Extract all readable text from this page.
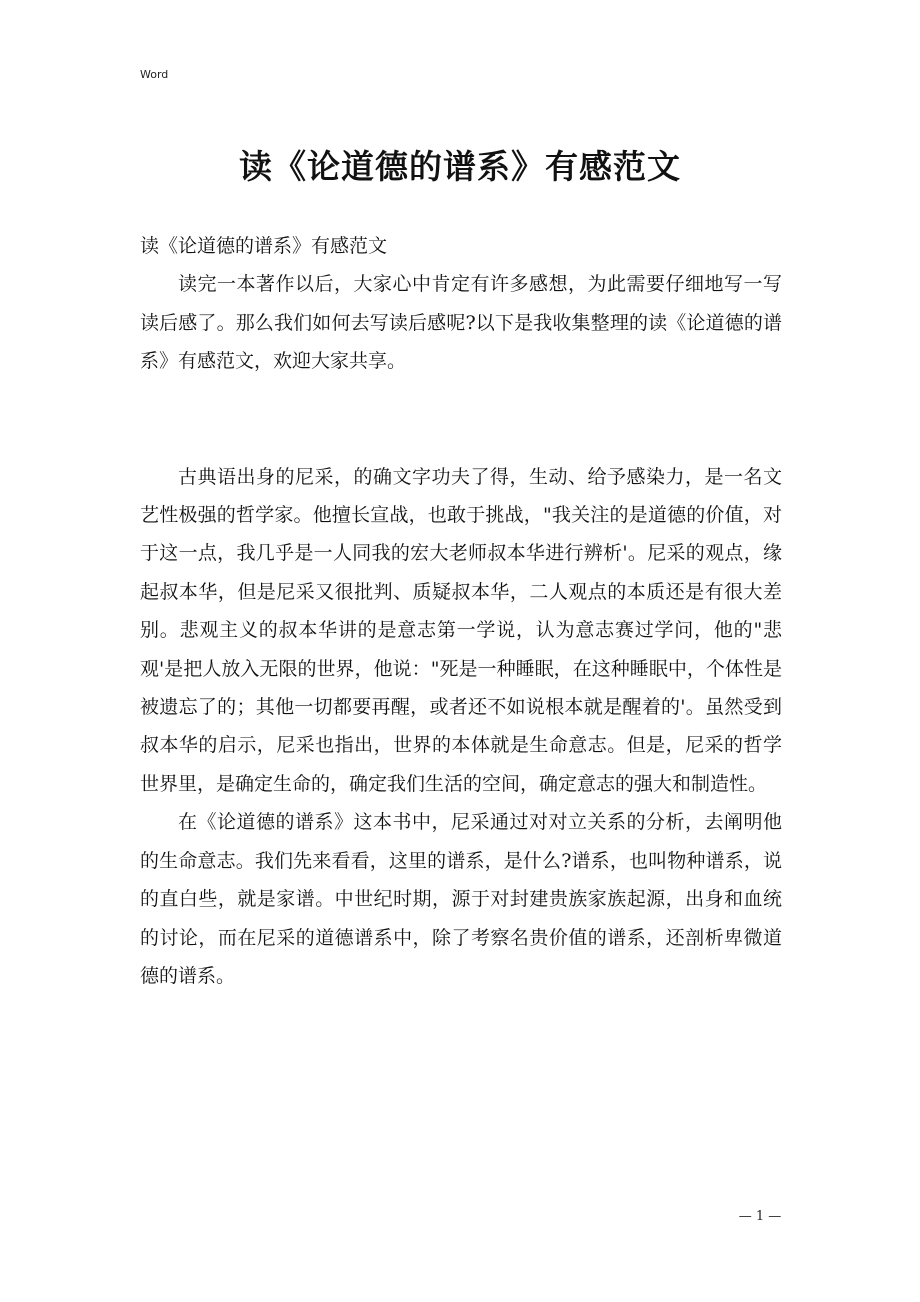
Word
读《论道德的谱系》有感范文

读《论道德的谱系》有感范文

读完一本著作以后，大家心中肯定有许多感想，为此需要仔细地写一写读后感了。那么我们如何去写读后感呢?以下是我收集整理的读《论道德的谱系》有感范文，欢迎大家共享。

古典语出身的尼采，的确文字功夫了得，生动、给予感染力，是一名文艺性极强的哲学家。他擅长宣战，也敢于挑战，"我关注的是道德的价值，对于这一点，我几乎是一人同我的宏大老师叔本华进行辨析'。尼采的观点，缘起叔本华，但是尼采又很批判、质疑叔本华，二人观点的本质还是有很大差别。悲观主义的叔本华讲的是意志第一学说，认为意志赛过学问，他的"悲观'是把人放入无限的世界，他说："死是一种睡眠，在这种睡眠中，个体性是被遗忘了的；其他一切都要再醒，或者还不如说根本就是醒着的'。虽然受到叔本华的启示，尼采也指出，世界的本体就是生命意志。但是，尼采的哲学世界里，是确定生命的，确定我们生活的空间，确定意志的强大和制造性。

在《论道德的谱系》这本书中，尼采通过对对立关系的分析，去阐明他的生命意志。我们先来看看，这里的谱系，是什么?谱系，也叫物种谱系，说的直白些，就是家谱。中世纪时期，源于对封建贵族家族起源，出身和血统的讨论，而在尼采的道德谱系中，除了考察名贵价值的谱系，还剖析卑微道德的谱系。

— 1 —
